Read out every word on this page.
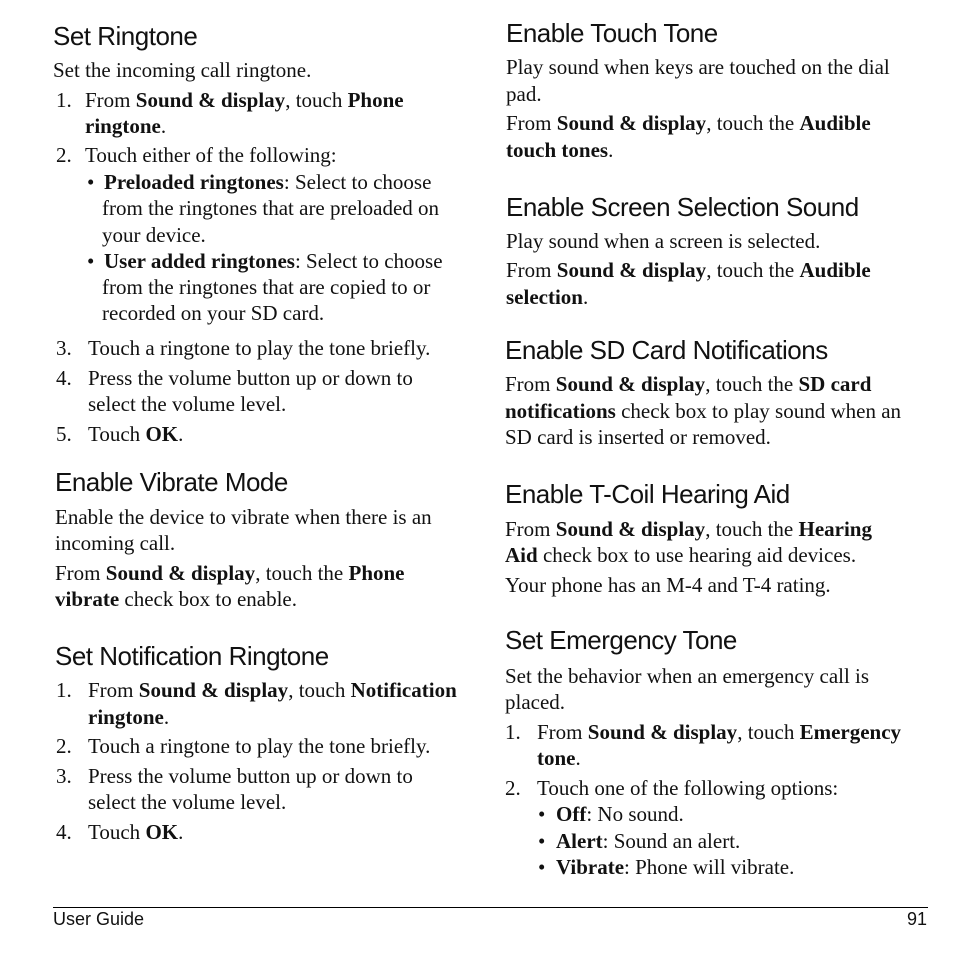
Set Ringtone
Set the incoming call ringtone.
1. From Sound & display, touch Phone
ringtone.
2. Touch either of the following:
• Preloaded ringtones: Select to choose
from the ringtones that are preloaded on
your device.
• User added ringtones: Select to choose
from the ringtones that are copied to or
recorded on your SD card.
3. Touch a ringtone to play the tone briefly.
4. Press the volume button up or down to
select the volume level.
5. Touch OK.
Enable Vibrate Mode
Enable the device to vibrate when there is an
incoming call.
From Sound & display, touch the Phone
vibrate check box to enable.
Set Notification Ringtone
1. From Sound & display, touch Notification
ringtone.
2. Touch a ringtone to play the tone briefly.
3. Press the volume button up or down to
select the volume level.
4. Touch OK.
Enable Touch Tone
Play sound when keys are touched on the dial
pad.
From Sound & display, touch the Audible
touch tones.
Enable Screen Selection Sound
Play sound when a screen is selected.
From Sound & display, touch the Audible
selection.
Enable SD Card Notifications
From Sound & display, touch the SD card
notifications check box to play sound when an
SD card is inserted or removed.
Enable T-Coil Hearing Aid
From Sound & display, touch the Hearing
Aid check box to use hearing aid devices.
Your phone has an M-4 and T-4 rating.
Set Emergency Tone
Set the behavior when an emergency call is
placed.
1. From Sound & display, touch Emergency
tone.
2. Touch one of the following options:
• Off: No sound.
• Alert: Sound an alert.
• Vibrate: Phone will vibrate.
User Guide	91
